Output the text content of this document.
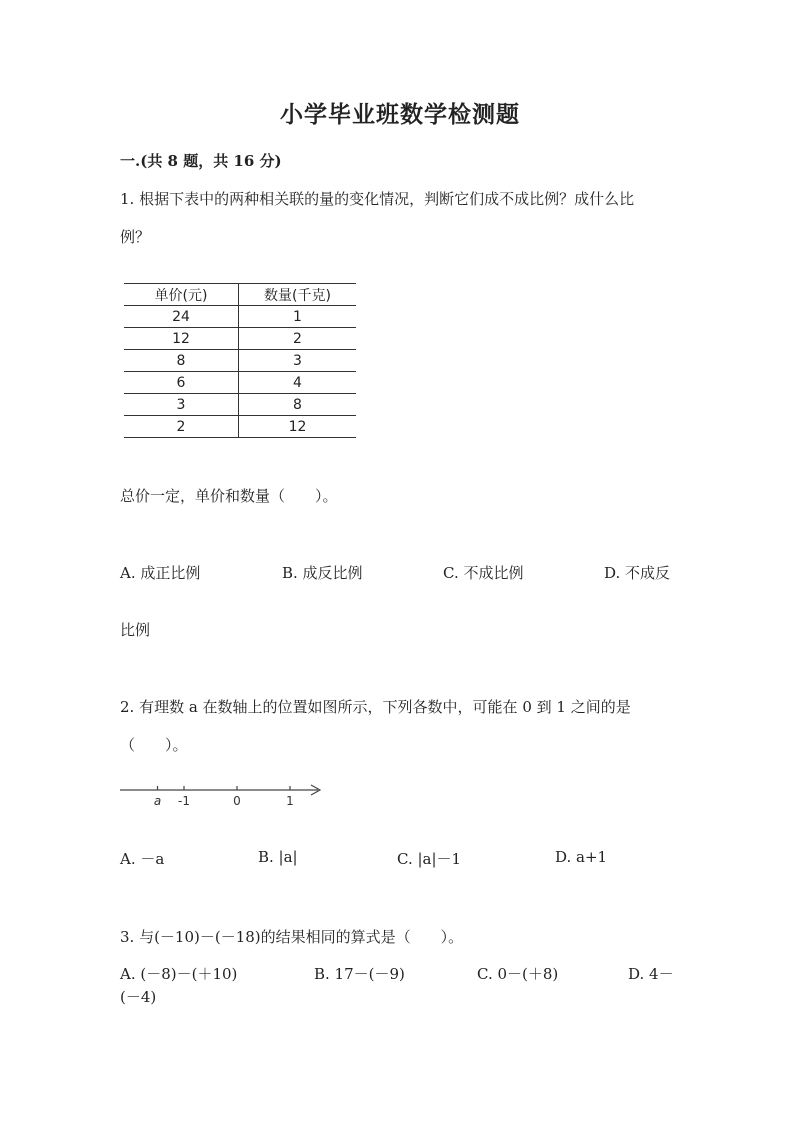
小学毕业班数学检测题
一.(共 8 题，共 16 分)
1. 根据下表中的两种相关联的量的变化情况，判断它们成不成比例？成什么比
例？
单价(元)	数量(千克)
24	1
12	2
8	3
6	4
3	8
2	12
总价一定，单价和数量（　　）。
A. 成正比例	B. 成反比例	C. 不成比例	D. 不成反
比例
2. 有理数 a 在数轴上的位置如图所示，下列各数中，可能在 0 到 1 之间的是
（　　）。
a -1	0	1
A. －a	B. |a|	C. |a|－1	D. a+1
3. 与(－10)－(－18)的结果相同的算式是（　　）。
A. (－8)－(＋10)	B. 17－(－9)	C. 0－(＋8)	D. 4－
(－4)
